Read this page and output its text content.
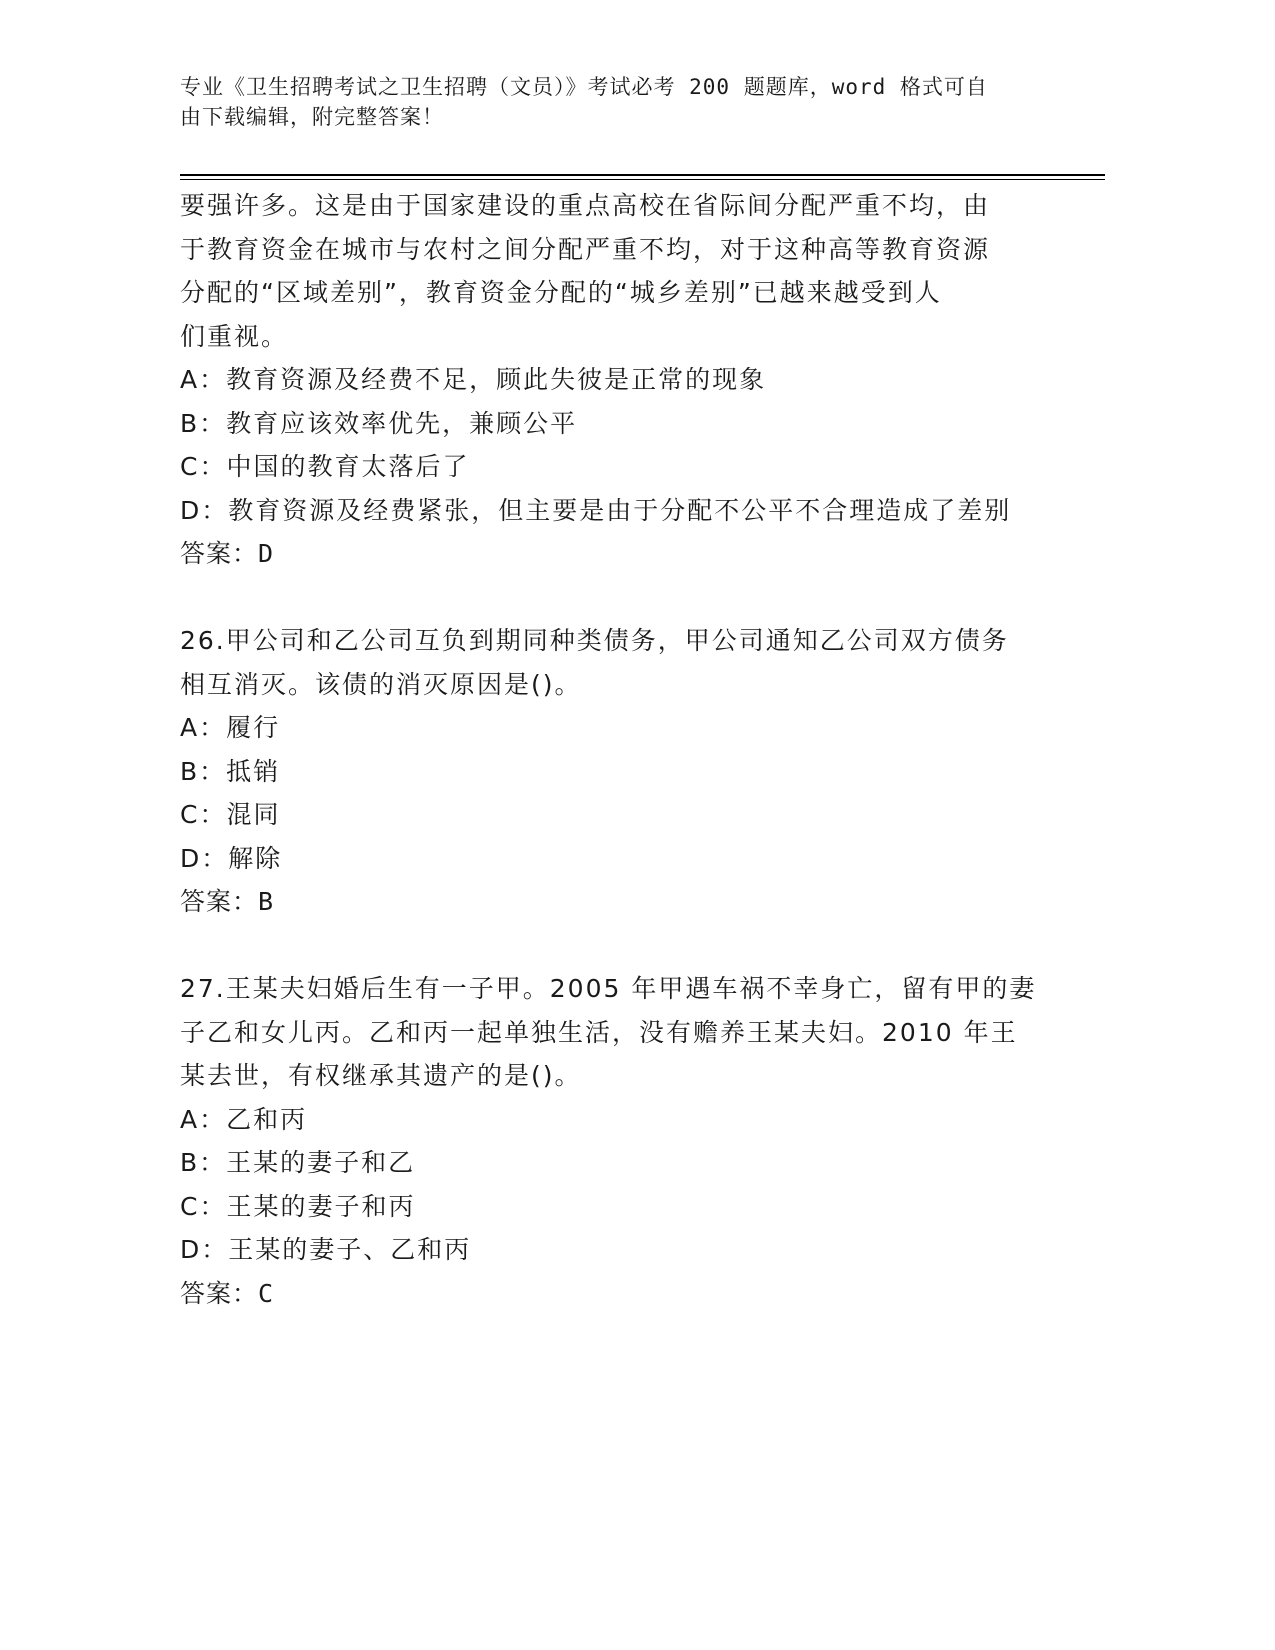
专业《卫生招聘考试之卫生招聘（文员）》考试必考 200 题题库，word 格式可自
由下载编辑，附完整答案！
要强许多。这是由于国家建设的重点高校在省际间分配严重不均，由
于教育资金在城市与农村之间分配严重不均，对于这种高等教育资源
分配的“区域差别”，教育资金分配的“城乡差别”已越来越受到人
们重视。
A：教育资源及经费不足，顾此失彼是正常的现象
B：教育应该效率优先，兼顾公平
C：中国的教育太落后了
D：教育资源及经费紧张，但主要是由于分配不公平不合理造成了差别
答案：D
26.甲公司和乙公司互负到期同种类债务，甲公司通知乙公司双方债务
相互消灭。该债的消灭原因是()。
A：履行
B：抵销
C：混同
D：解除
答案：B
27.王某夫妇婚后生有一子甲。2005 年甲遇车祸不幸身亡，留有甲的妻
子乙和女儿丙。乙和丙一起单独生活，没有赡养王某夫妇。2010 年王
某去世，有权继承其遗产的是()。
A：乙和丙
B：王某的妻子和乙
C：王某的妻子和丙
D：王某的妻子、乙和丙
答案：C
